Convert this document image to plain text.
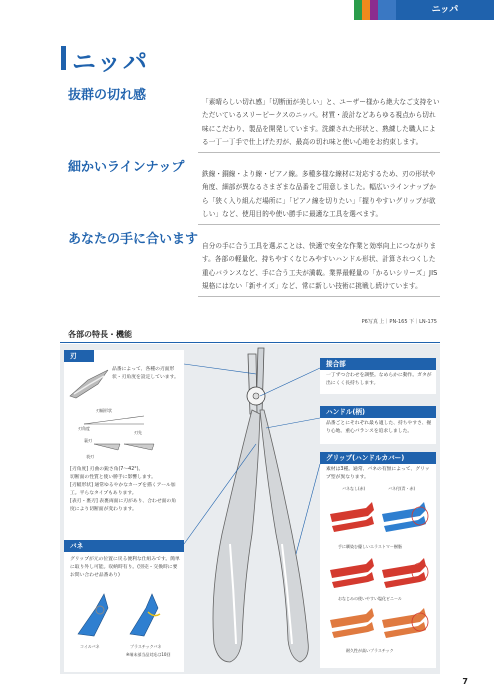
ニッパ
ニッパ
抜群の切れ感	「素晴らしい切れ感」「切断面が美しい」と、ユーザー様から絶大なご支持をいただいているスリーピークスのニッパ。材質・設計などあらゆる視点から切れ味にこだわり、製品を開発しています。洗練された形状と、熟練した職人による一丁一丁手で仕上げた刃が、最高の切れ味と使い心地をお約束します。
細かいラインナップ	鉄線・銅線・より線・ピアノ線。多種多様な線材に対応するため、刃の形状や角度、細部が異なるさまざまな品番をご用意しました。幅広いラインナップから「狭く入り組んだ場所に」「ピアノ線を切りたい」「握りやすいグリップが欲しい」など、使用目的や使い勝手に最適な工具を選べます。
あなたの手に合います 自分の手に合う工具を選ぶことは、快適で安全な作業と効率向上につながります。各部の軽量化、持ちやすくなじみやすいハンドル形状、計算されつくした重心バランスなど、手に合う工夫が満載。業界最軽量の「かるいシリーズ」JIS規格にはない「新サイズ」など、常に新しい技術に挑戦し続けています。
P6写真 上｜PN-165 下｜LN-175
各部の特長・機能
刃
品番によって、各種の刃面形状・刃角度を設定しています。
刃幅形状
刃角度
裏刃
表刃
刃先
[刃角度] 刃曲の鋭さ角(7〜42°)。
切断面の性質と使い勝手に影響します。
[刃幅形状] 通常ゆるやかなカーブを描くアール加工。平らなタイプもあります。
[表刃・裏刃] 表裏両面に刃があり、合わせ面の角度により切断面が変わります。
バネ
グリップが元の位置に戻る便利な仕組みです。簡単に取り外し可能。収納時有り。(別売・交換時に要お問い合わせ品番あり)
コイルバネ	プラスチックバネ
※端末部当品対応は10回
接合部
一丁ずつ合わせを調整。なめらかに動作。ガタが出にくく長持ちします。
ハンドル(柄)
品番ごとにそれぞれ最も適した、持ちやすさ、握り心地、重心バランスを追求しました。
グリップ(ハンドルカバー)
素材は3種。通常、バネの有無によって、グリップ型が異なります。
バネなし(赤)	バネ付(青・赤)
手に馴染む優しいエラストマー樹脂
おなじみの使いやすい塩化ビニール
耐久性が高いプラスチック
7
